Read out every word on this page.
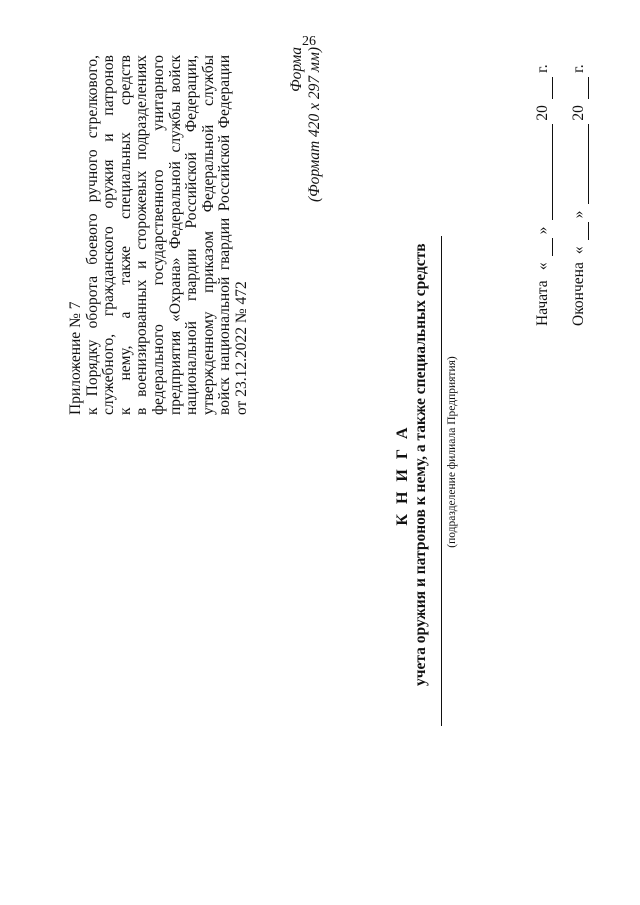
26
Приложение № 7 к Порядку оборота боевого ручного стрелкового, служебного, гражданского оружия и патронов к нему, а также специальных средств в военизированных и сторожевых подразделениях федерального государственного унитарного предприятия «Охрана» Федеральной службы войск национальной гвардии Российской Федерации, утвержденному приказом Федеральной службы войск национальной гвардии Российской Федерации от 23.12.2022 № 472
Форма (Формат 420 x 297 мм)
К Н И Г А учета оружия и патронов к нему, а также специальных средств (подразделение филиала Предприятия)
Начата «   »   20   г.
Окончена «   »   20   г.
